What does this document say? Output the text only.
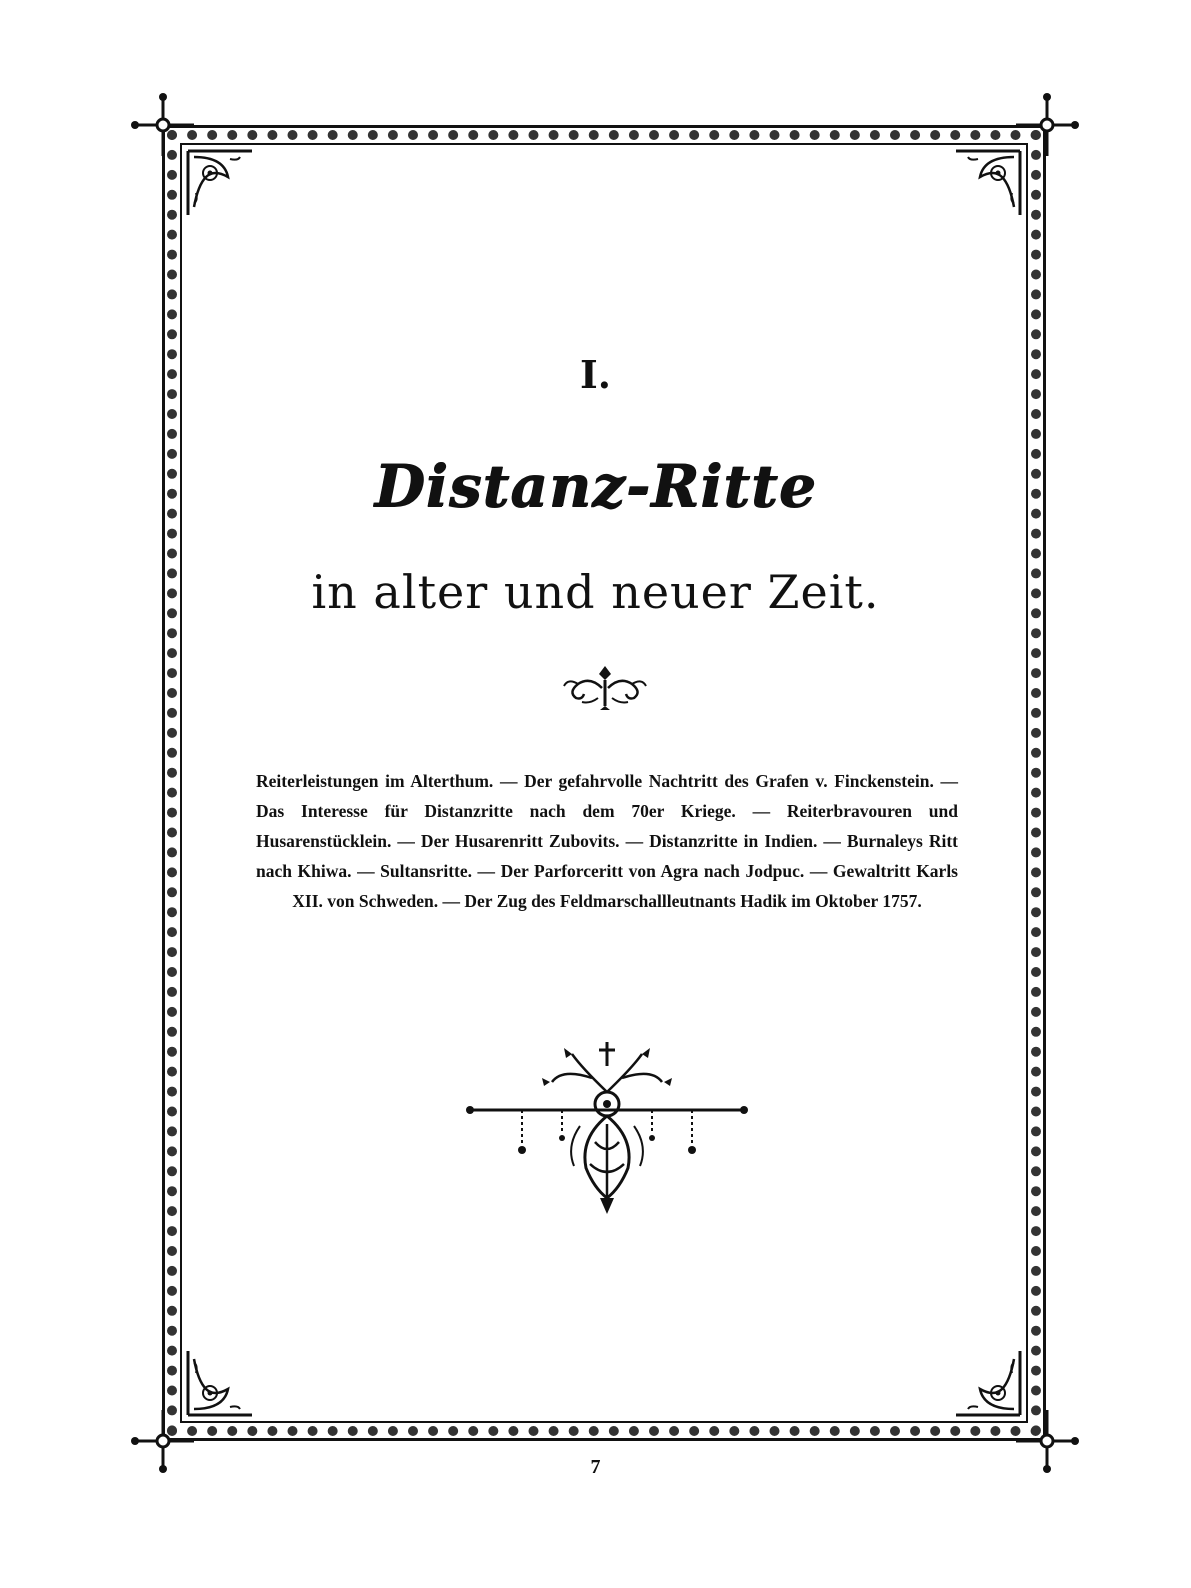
I.
Distanz-Ritte
in alter und neuer Zeit.
Reiterleistungen im Alterthum. — Der gefahrvolle Nachtritt des Grafen v. Finckenstein. — Das Interesse für Distanzritte nach dem 70er Kriege. — Reiterbravouren und Husarenstücklein. — Der Husarenritt Zubovits. — Distanzritte in Indien. — Burnaleys Ritt nach Khiwa. — Sultansritte. — Der Parforceritt von Agra nach Jodpuc. — Gewaltritt Karls XII. von Schweden. — Der Zug des Feldmarschallleutnants Hadik im Oktober 1757.
7
